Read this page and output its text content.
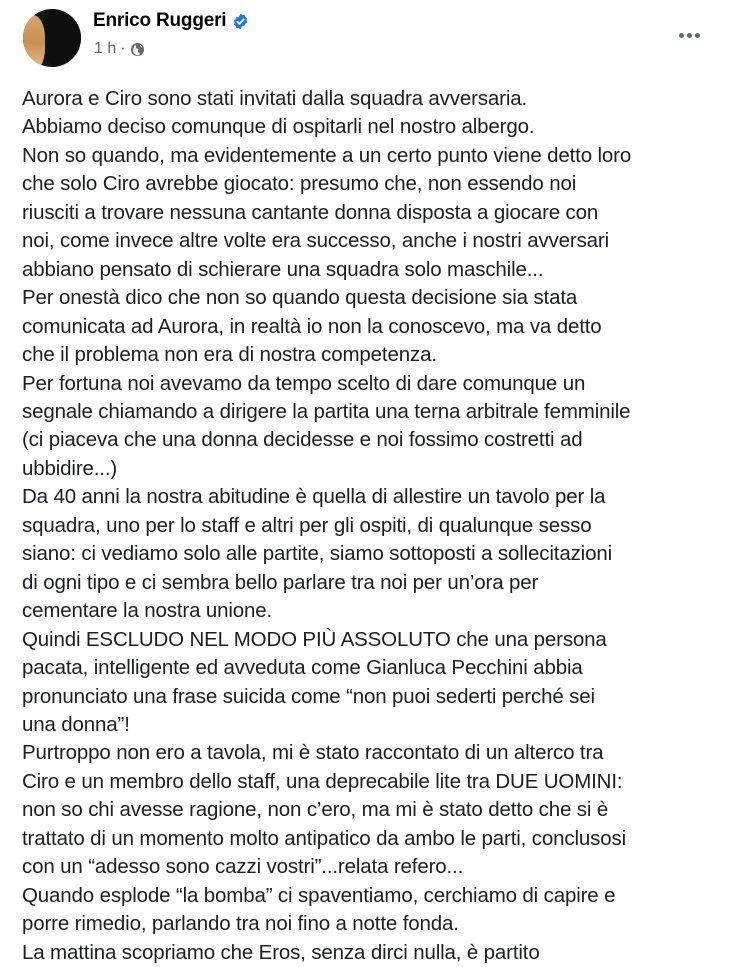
Enrico Ruggeri
1 h ·
Aurora e Ciro sono stati invitati dalla squadra avversaria.
Abbiamo deciso comunque di ospitarli nel nostro albergo.
Non so quando, ma evidentemente a un certo punto viene detto loro
che solo Ciro avrebbe giocato: presumo che, non essendo noi
riusciti a trovare nessuna cantante donna disposta a giocare con
noi, come invece altre volte era successo, anche i nostri avversari
abbiano pensato di schierare una squadra solo maschile...
Per onestà dico che non so quando questa decisione sia stata
comunicata ad Aurora, in realtà io non la conoscevo, ma va detto
che il problema non era di nostra competenza.
Per fortuna noi avevamo da tempo scelto di dare comunque un
segnale chiamando a dirigere la partita una terna arbitrale femminile
(ci piaceva che una donna decidesse e noi fossimo costretti ad
ubbidire...)
Da 40 anni la nostra abitudine è quella di allestire un tavolo per la
squadra, uno per lo staff e altri per gli ospiti, di qualunque sesso
siano: ci vediamo solo alle partite, siamo sottoposti a sollecitazioni
di ogni tipo e ci sembra bello parlare tra noi per un’ora per
cementare la nostra unione.
Quindi ESCLUDO NEL MODO PIÙ ASSOLUTO che una persona
pacata, intelligente ed avveduta come Gianluca Pecchini abbia
pronunciato una frase suicida come “non puoi sederti perché sei
una donna”!
Purtroppo non ero a tavola, mi è stato raccontato di un alterco tra
Ciro e un membro dello staff, una deprecabile lite tra DUE UOMINI:
non so chi avesse ragione, non c’ero, ma mi è stato detto che si è
trattato di un momento molto antipatico da ambo le parti, conclusosi
con un “adesso sono cazzi vostri”...relata refero...
Quando esplode “la bomba” ci spaventiamo, cerchiamo di capire e
porre rimedio, parlando tra noi fino a notte fonda.
La mattina scopriamo che Eros, senza dirci nulla, è partito
